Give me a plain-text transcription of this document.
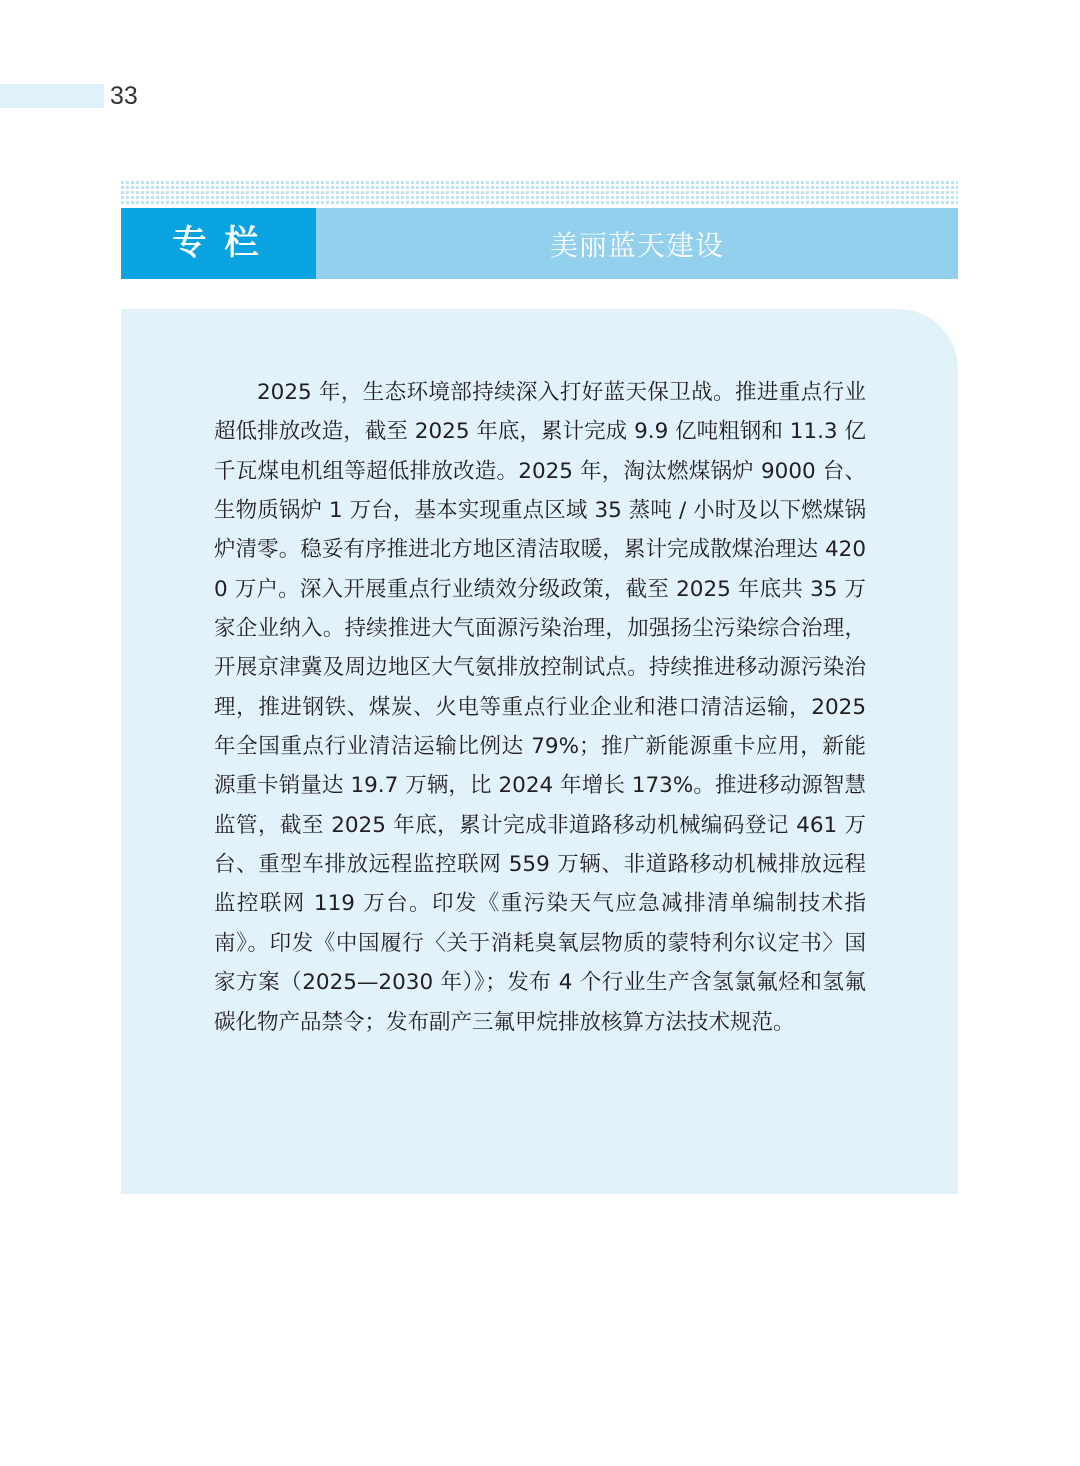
33
专栏	美丽蓝天建设

2025 年，生态环境部持续深入打好蓝天保卫战。推进重点行业超低排放改造，截至 2025 年底，累计完成 9.9 亿吨粗钢和 11.3 亿千瓦煤电机组等超低排放改造。2025 年，淘汰燃煤锅炉 9000 台、生物质锅炉 1 万台，基本实现重点区域 35 蒸吨 / 小时及以下燃煤锅炉清零。稳妥有序推进北方地区清洁取暖，累计完成散煤治理达 4200 万户。深入开展重点行业绩效分级政策，截至 2025 年底共 35 万家企业纳入。持续推进大气面源污染治理，加强扬尘污染综合治理，开展京津冀及周边地区大气氨排放控制试点。持续推进移动源污染治理，推进钢铁、煤炭、火电等重点行业企业和港口清洁运输，2025 年全国重点行业清洁运输比例达 79%；推广新能源重卡应用，新能源重卡销量达 19.7 万辆，比 2024 年增长 173%。推进移动源智慧监管，截至 2025 年底，累计完成非道路移动机械编码登记 461 万台、重型车排放远程监控联网 559 万辆、非道路移动机械排放远程监控联网 119 万台。印发《重污染天气应急减排清单编制技术指南》。印发《中国履行〈关于消耗臭氧层物质的蒙特利尔议定书〉国家方案（2025—2030 年）》；发布 4 个行业生产含氢氯氟烃和氢氟碳化物产品禁令；发布副产三氟甲烷排放核算方法技术规范。
